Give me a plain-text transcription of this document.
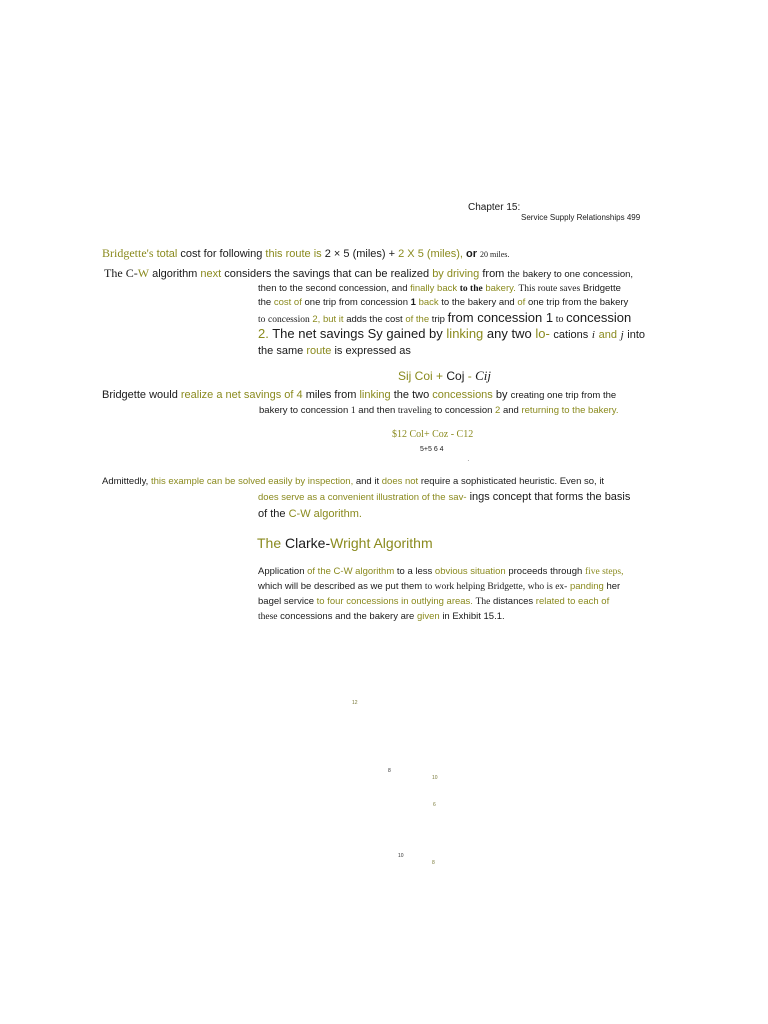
Chapter 15:
Service Supply Relationships 499
Bridgette's total cost for following this route is 2 × 5 (miles) + 2 X 5 (miles), or 20 miles.
The C-W algorithm next considers the savings that can be realized by driving from the bakery to one concession,
then to the second concession, and finally back to the bakery. This route saves Bridgette
the cost of one trip from concession 1 back to the bakery and of one trip from the bakery
to concession 2, but it adds the cost of the trip from concession 1 to concession
2. The net savings Sy gained by linking any two lo- cations i and j into
the same route is expressed as
Sij Coi + Coj - Cij
Bridgette would realize a net savings of 4 miles from linking the two concessions by creating one trip from the
bakery to concession 1 and then traveling to concession 2 and returning to the bakery.
$12 Col+ Coz - C12
5+5 6 4
·
Admittedly, this example can be solved easily by inspection, and it does not require a sophisticated heuristic. Even so, it
does serve as a convenient illustration of the sav- ings concept that forms the basis
of the C-W algorithm.
The Clarke-Wright Algorithm
Application of the C-W algorithm to a less obvious situation proceeds through five steps,
which will be described as we put them to work helping Bridgette, who is ex- panding her
bagel service to four concessions in outlying areas. The distances related to each of
these concessions and the bakery are given in Exhibit 15.1.
12
8
10
6
10
8
